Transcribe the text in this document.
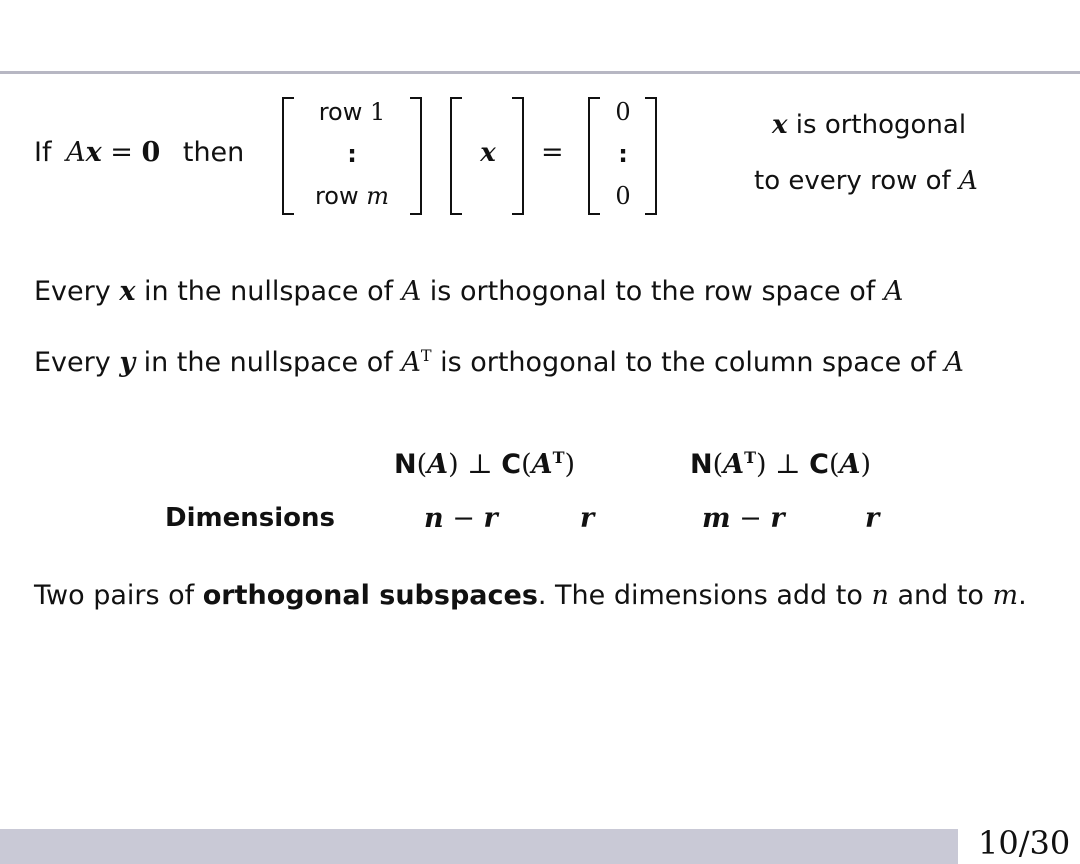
If Ax = 0 then
row 1
:
row m
x	=
0
:
0
x is orthogonal
to every row of A
Every x in the nullspace of A is orthogonal to the row space of A
Every y in the nullspace of $A^T$ is orthogonal to the column space of A
N(A) ⊥ $C(A^T)$	$N(A^T)$ ⊥ C(A)
Dimensions	n − r	r	m − r	r
Two pairs of orthogonal subspaces. The dimensions add to n and to m.
10/30
